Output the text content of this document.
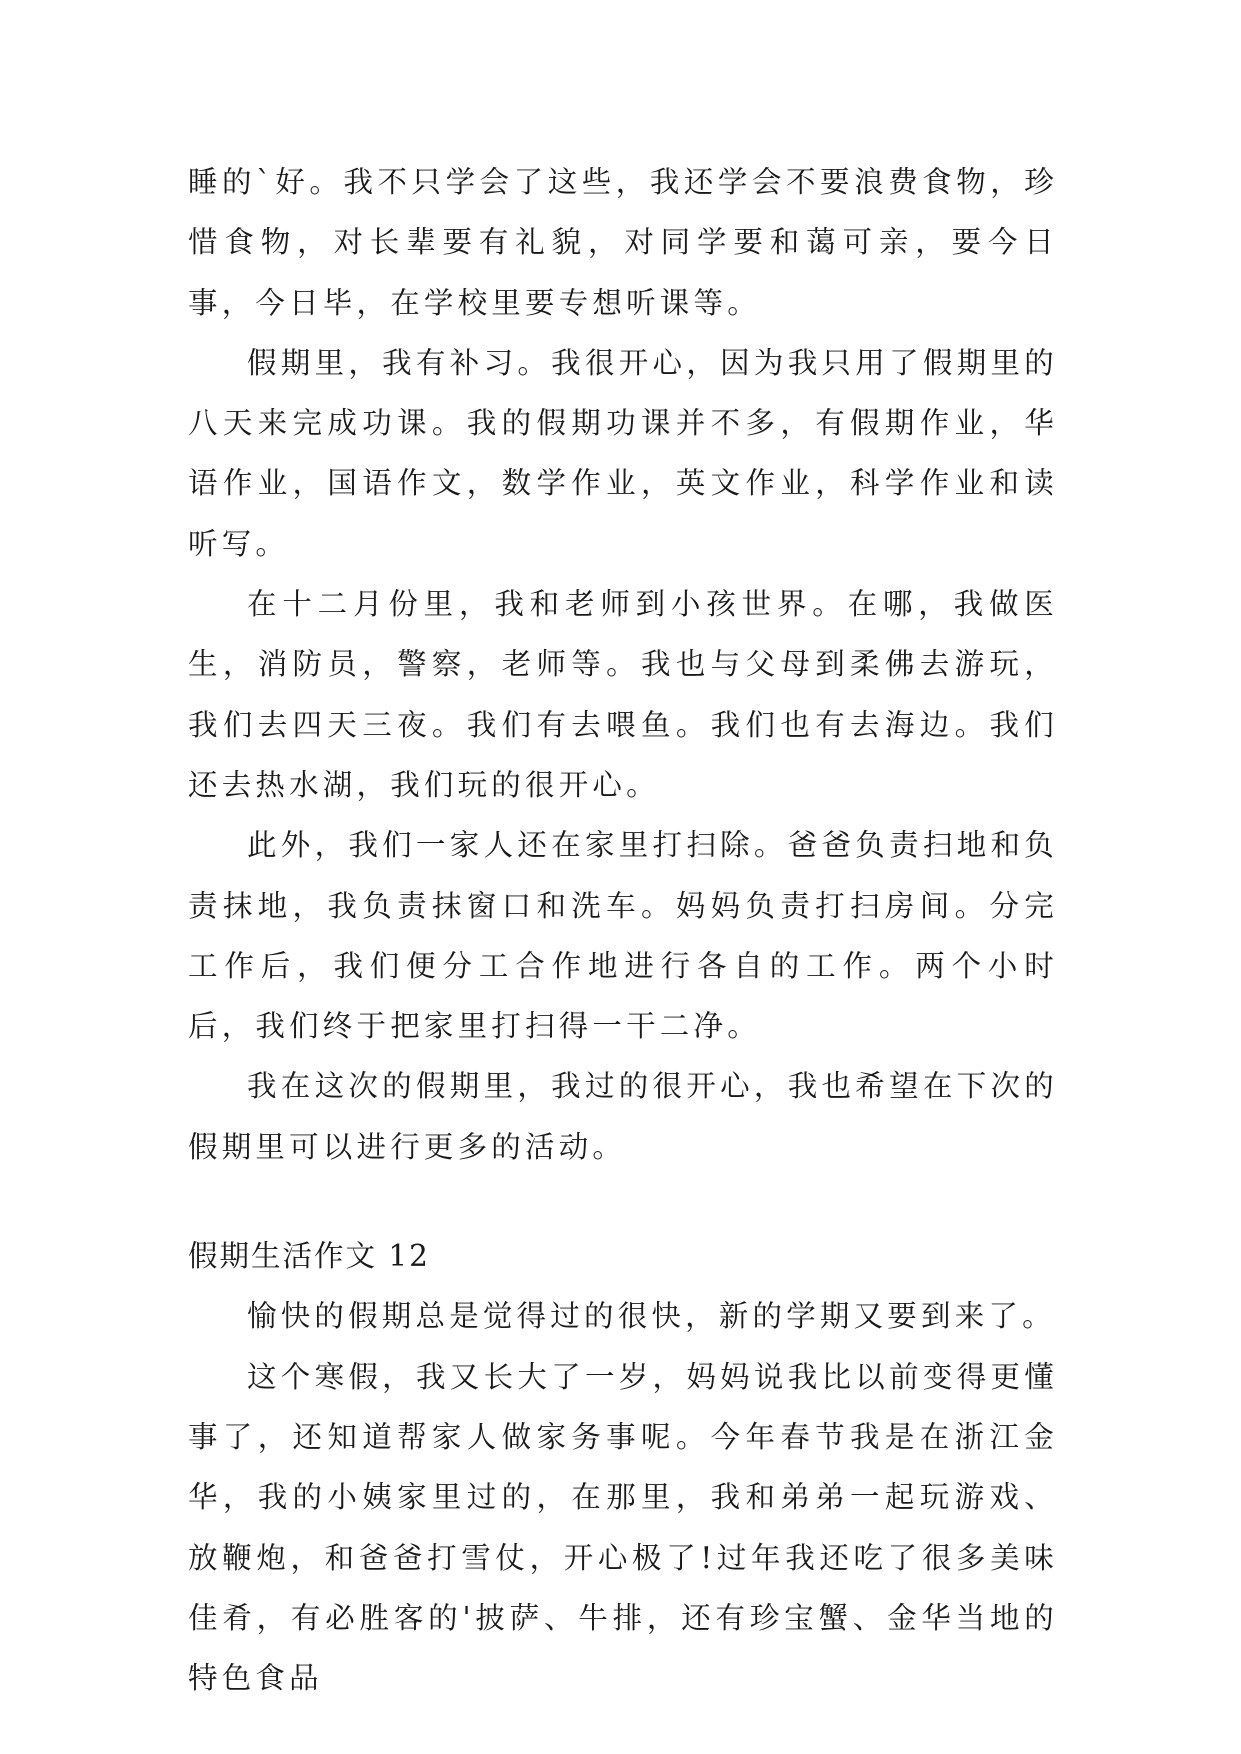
睡的`好。我不只学会了这些，我还学会不要浪费食物，珍惜食物，对长辈要有礼貌，对同学要和蔼可亲，要今日事，今日毕，在学校里要专想听课等。

假期里，我有补习。我很开心，因为我只用了假期里的八天来完成功课。我的假期功课并不多，有假期作业，华语作业，国语作文，数学作业，英文作业，科学作业和读听写。

在十二月份里，我和老师到小孩世界。在哪，我做医生，消防员，警察，老师等。我也与父母到柔佛去游玩，我们去四天三夜。我们有去喂鱼。我们也有去海边。我们还去热水湖，我们玩的很开心。

此外，我们一家人还在家里打扫除。爸爸负责扫地和负责抹地，我负责抹窗口和洗车。妈妈负责打扫房间。分完工作后，我们便分工合作地进行各自的工作。两个小时后，我们终于把家里打扫得一干二净。

我在这次的假期里，我过的很开心，我也希望在下次的假期里可以进行更多的活动。

假期生活作文 12

愉快的假期总是觉得过的很快，新的学期又要到来了。

这个寒假，我又长大了一岁，妈妈说我比以前变得更懂事了，还知道帮家人做家务事呢。今年春节我是在浙江金华，我的小姨家里过的，在那里，我和弟弟一起玩游戏、放鞭炮，和爸爸打雪仗，开心极了!过年我还吃了很多美味佳肴，有必胜客的'披萨、牛排，还有珍宝蟹、金华当地的特色食品
